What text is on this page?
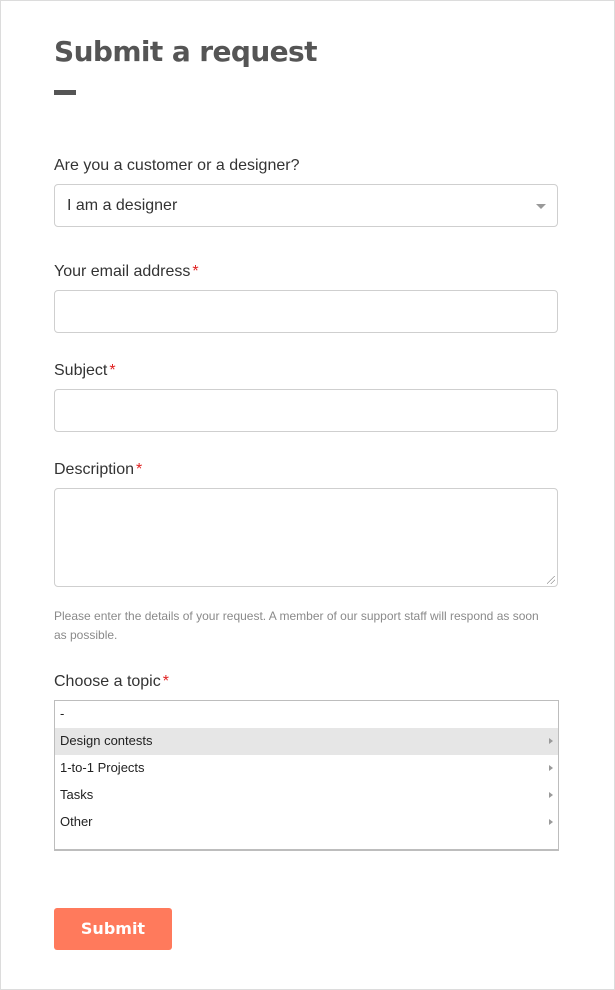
Submit a request
Are you a customer or a designer?
I am a designer
Your email address *
Subject *
Description *

Please enter the details of your request. A member of our support staff will respond as soon as possible.

Choose a topic *
-
Design contests
1-to-1 Projects
Tasks
Other
Submit
